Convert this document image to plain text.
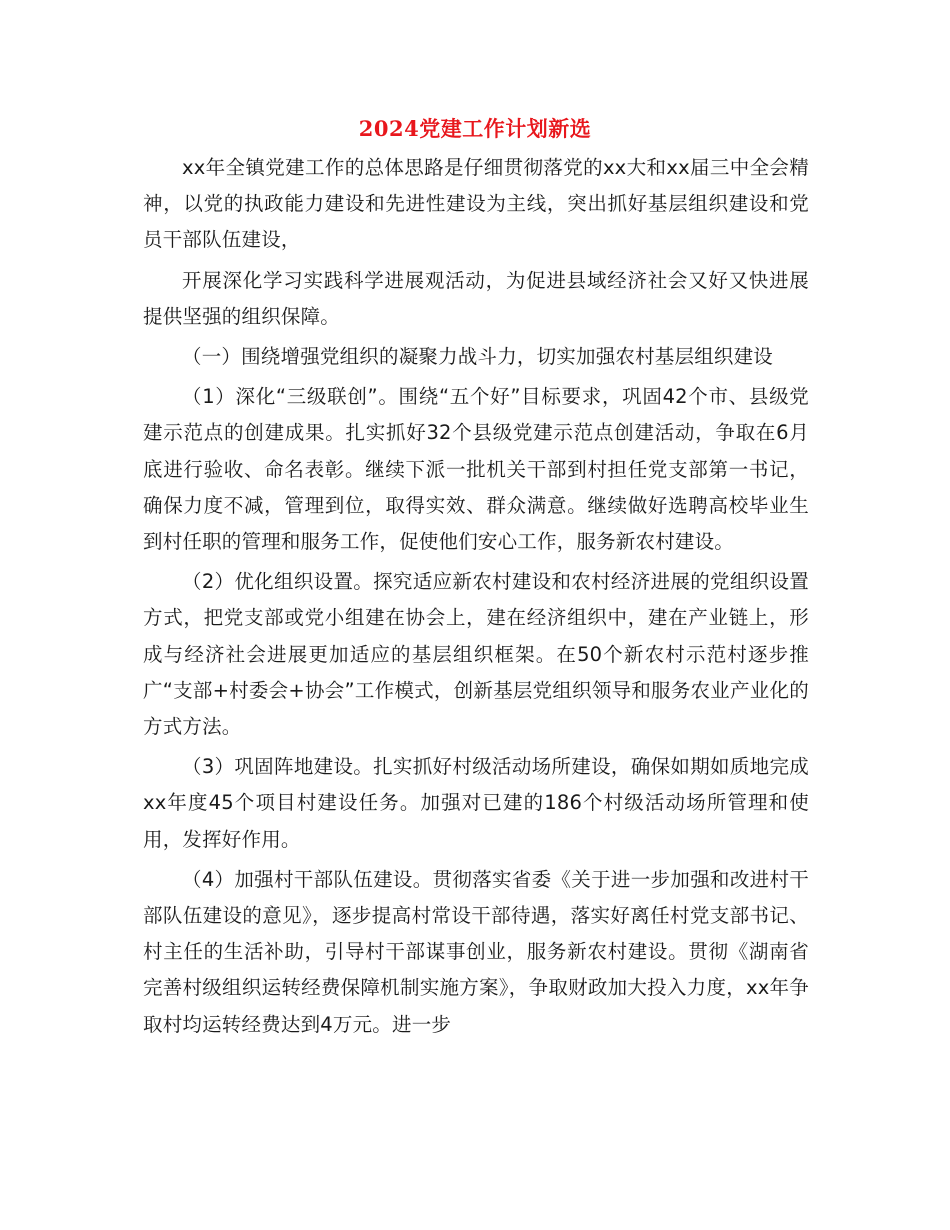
2024党建工作计划新选

xx年全镇党建工作的总体思路是仔细贯彻落党的xx大和xx届三中全会精神，以党的执政能力建设和先进性建设为主线，突出抓好基层组织建设和党员干部队伍建设，

开展深化学习实践科学进展观活动，为促进县域经济社会又好又快进展提供坚强的组织保障。

（一）围绕增强党组织的凝聚力战斗力，切实加强农村基层组织建设

（1）深化“三级联创”。围绕“五个好”目标要求，巩固42个市、县级党建示范点的创建成果。扎实抓好32个县级党建示范点创建活动，争取在6月底进行验收、命名表彰。继续下派一批机关干部到村担任党支部第一书记，确保力度不减，管理到位，取得实效、群众满意。继续做好选聘高校毕业生到村任职的管理和服务工作，促使他们安心工作，服务新农村建设。

（2）优化组织设置。探究适应新农村建设和农村经济进展的党组织设置方式，把党支部或党小组建在协会上，建在经济组织中，建在产业链上，形成与经济社会进展更加适应的基层组织框架。在50个新农村示范村逐步推广“支部+村委会+协会”工作模式，创新基层党组织领导和服务农业产业化的方式方法。

（3）巩固阵地建设。扎实抓好村级活动场所建设，确保如期如质地完成xx年度45个项目村建设任务。加强对已建的186个村级活动场所管理和使用，发挥好作用。

（4）加强村干部队伍建设。贯彻落实省委《关于进一步加强和改进村干部队伍建设的意见》，逐步提高村常设干部待遇，落实好离任村党支部书记、村主任的生活补助，引导村干部谋事创业，服务新农村建设。贯彻《湖南省完善村级组织运转经费保障机制实施方案》，争取财政加大投入力度，xx年争取村均运转经费达到4万元。进一步
